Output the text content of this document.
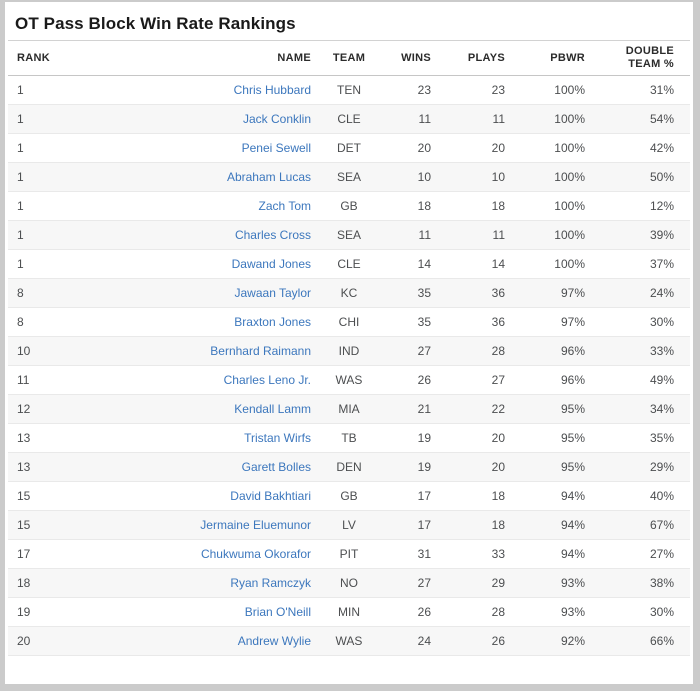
OT Pass Block Win Rate Rankings
RANK	NAME	TEAM	WINS	PLAYS	PBWR	DOUBLE TEAM %
1	Chris Hubbard	TEN	23	23	100%	31%
1	Jack Conklin	CLE	11	11	100%	54%
1	Penei Sewell	DET	20	20	100%	42%
1	Abraham Lucas	SEA	10	10	100%	50%
1	Zach Tom	GB	18	18	100%	12%
1	Charles Cross	SEA	11	11	100%	39%
1	Dawand Jones	CLE	14	14	100%	37%
8	Jawaan Taylor	KC	35	36	97%	24%
8	Braxton Jones	CHI	35	36	97%	30%
10	Bernhard Raimann	IND	27	28	96%	33%
11	Charles Leno Jr.	WAS	26	27	96%	49%
12	Kendall Lamm	MIA	21	22	95%	34%
13	Tristan Wirfs	TB	19	20	95%	35%
13	Garett Bolles	DEN	19	20	95%	29%
15	David Bakhtiari	GB	17	18	94%	40%
15	Jermaine Eluemunor	LV	17	18	94%	67%
17	Chukwuma Okorafor	PIT	31	33	94%	27%
18	Ryan Ramczyk	NO	27	29	93%	38%
19	Brian O'Neill	MIN	26	28	93%	30%
20	Andrew Wylie	WAS	24	26	92%	66%
